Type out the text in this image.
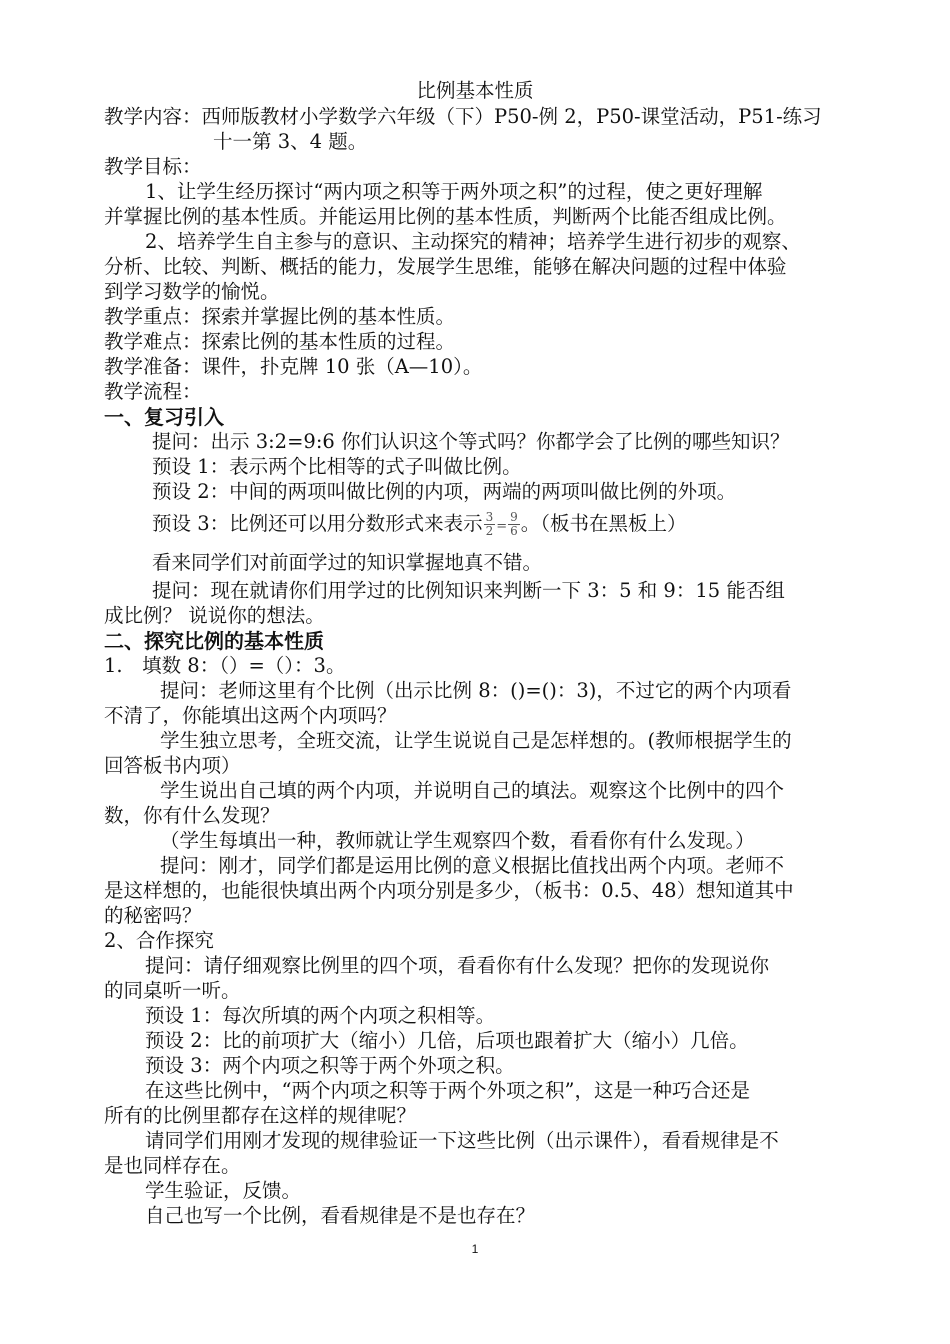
比例基本性质
教学内容：西师版教材小学数学六年级（下）P50-例 2，P50-课堂活动，P51-练习
十一第 3、4 题。
教学目标：
1、让学生经历探讨“两内项之积等于两外项之积”的过程，使之更好理解
并掌握比例的基本性质。并能运用比例的基本性质，判断两个比能否组成比例。
2、培养学生自主参与的意识、主动探究的精神；培养学生进行初步的观察、
分析、比较、判断、概括的能力，发展学生思维，能够在解决问题的过程中体验
到学习数学的愉悦。
教学重点：探索并掌握比例的基本性质。
教学难点：探索比例的基本性质的过程。
教学准备：课件，扑克牌 10 张（A—10）。
教学流程：
一、复习引入
提问：出示 3:2=9:6 你们认识这个等式吗？你都学会了比例的哪些知识？
预设 1：表示两个比相等的式子叫做比例。
预设 2：中间的两项叫做比例的内项，两端的两项叫做比例的外项。
预设 3：比例还可以用分数形式来表示 $\frac{3}{2} = \frac{9}{6}$ 。（板书在黑板上）
看来同学们对前面学过的知识掌握地真不错。
提问：现在就请你们用学过的比例知识来判断一下 3：5 和 9：15 能否组
成比例？ 说说你的想法。
二、探究比例的基本性质
1.　填数 8：（）=（）：3。
提问：老师这里有个比例（出示比例 8：()=()：3)，不过它的两个内项看
不清了，你能填出这两个内项吗？
学生独立思考，全班交流，让学生说说自己是怎样想的。(教师根据学生的
回答板书内项）
学生说出自己填的两个内项，并说明自己的填法。观察这个比例中的四个
数，你有什么发现？
（学生每填出一种，教师就让学生观察四个数，看看你有什么发现。）
提问：刚才，同学们都是运用比例的意义根据比值找出两个内项。老师不
是这样想的，也能很快填出两个内项分别是多少，（板书：0.5、48）想知道其中
的秘密吗？
2、合作探究
提问：请仔细观察比例里的四个项，看看你有什么发现？把你的发现说你
的同桌听一听。
预设 1：每次所填的两个内项之积相等。
预设 2：比的前项扩大（缩小）几倍，后项也跟着扩大（缩小）几倍。
预设 3：两个内项之积等于两个外项之积。
在这些比例中，“两个内项之积等于两个外项之积”，这是一种巧合还是
所有的比例里都存在这样的规律呢？
请同学们用刚才发现的规律验证一下这些比例（出示课件），看看规律是不
是也同样存在。
学生验证，反馈。
自己也写一个比例，看看规律是不是也存在？
1
